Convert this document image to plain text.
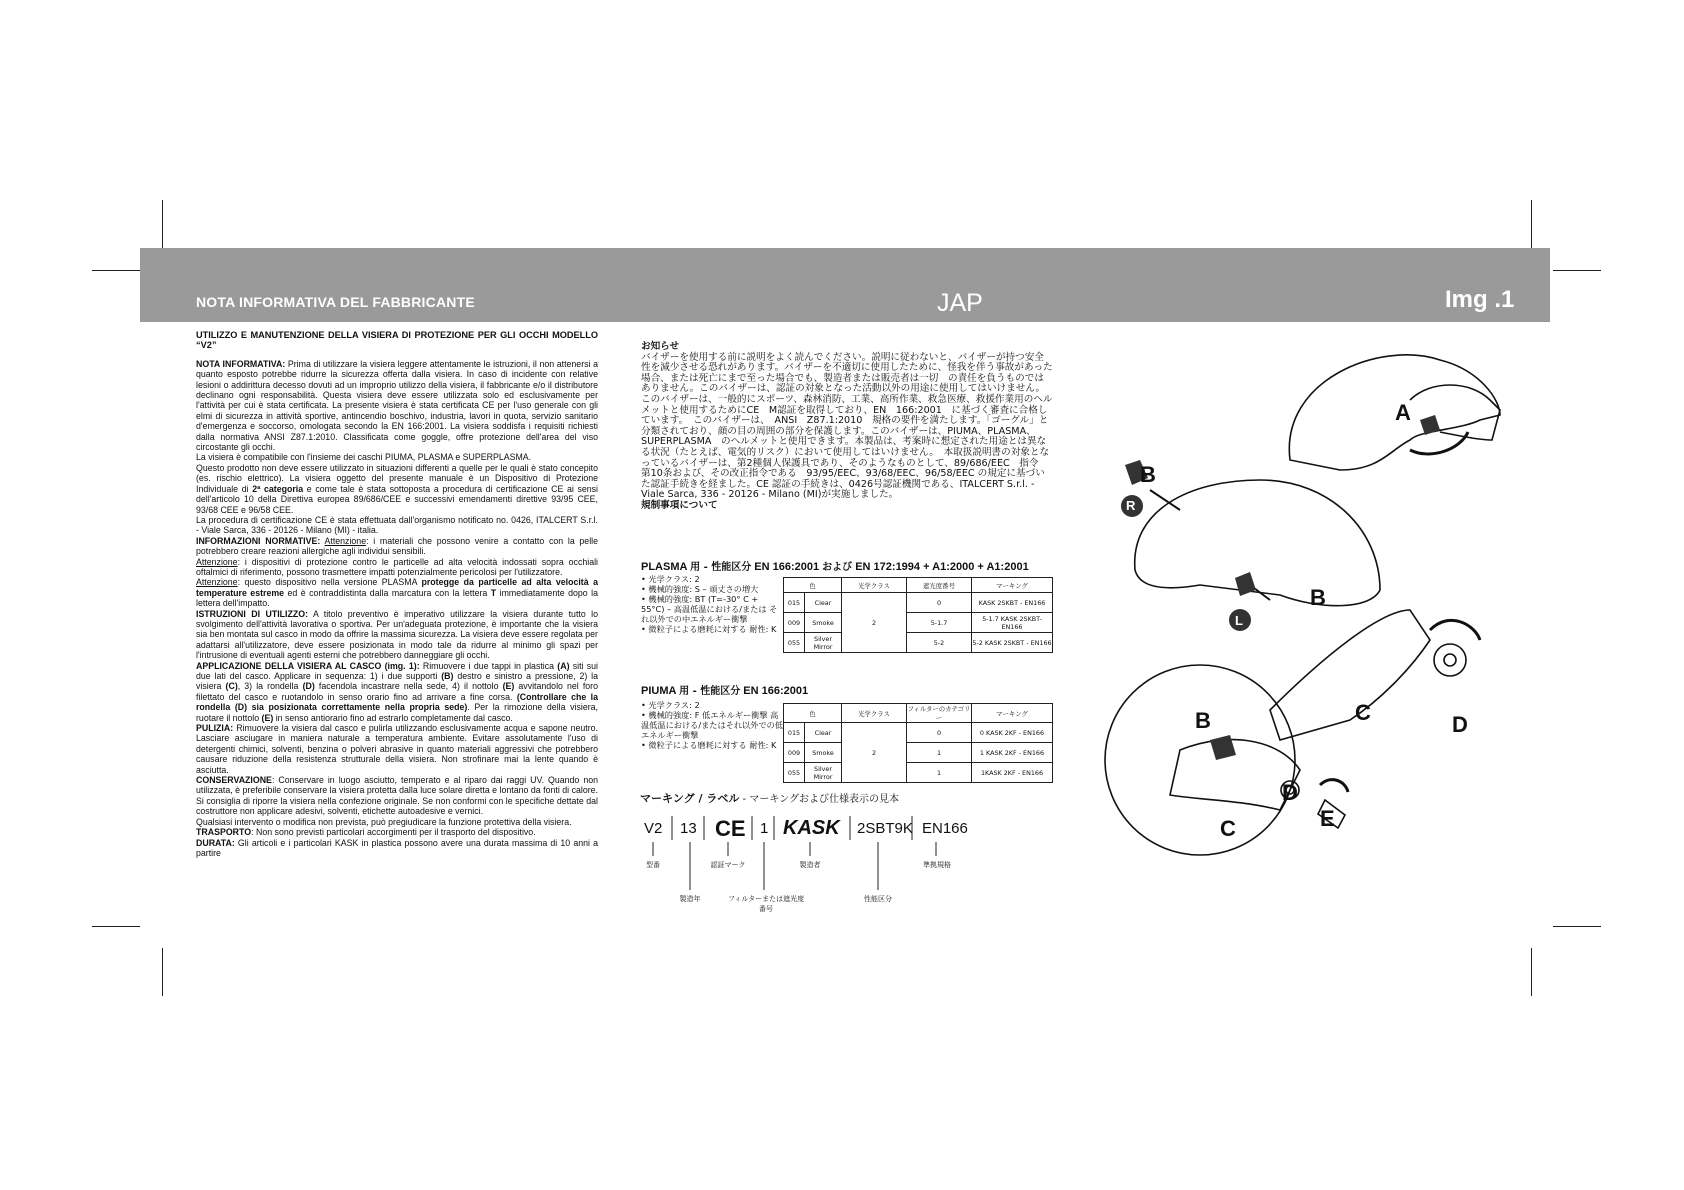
NOTA INFORMATIVA DEL FABBRICANTE	JAP	Img .1
UTILIZZO E MANUTENZIONE DELLA VISIERA DI PROTEZIONE PER GLI OCCHI MODELLO “V2”

NOTA INFORMATIVA: Prima di utilizzare la visiera leggere attentamente le istruzioni, il non attenersi a quanto esposto potrebbe ridurre la sicurezza offerta dalla visiera. In caso di incidente con relative lesioni o addirittura decesso dovuti ad un improprio utilizzo della visiera, il fabbricante e/o il distributore declinano ogni responsabilità. Questa visiera deve essere utilizzata solo ed esclusivamente per l'attività per cui è stata certificata. La presente visiera è stata certificata CE per l'uso generale con gli elmi di sicurezza in attività sportive, antincendio boschivo, industria, lavori in quota, servizio sanitario d'emergenza e soccorso, omologata secondo la EN 166:2001. La visiera soddisfa i requisiti richiesti dalla normativa ANSI Z87.1:2010. Classificata come goggle, offre protezione dell'area del viso circostante gli occhi.

La visiera è compatibile con l'insieme dei caschi PIUMA, PLASMA e SUPERPLASMA.

Questo prodotto non deve essere utilizzato in situazioni differenti a quelle per le quali è stato concepito (es. rischio elettrico). La visiera oggetto del presente manuale è un Dispositivo di Protezione Individuale di 2ª categoria e come tale è stata sottoposta a procedura di certificazione CE ai sensi dell'articolo 10 della Direttiva europea 89/686/CEE e successivi emendamenti direttive 93/95 CEE, 93/68 CEE e 96/58 CEE.

La procedura di certificazione CE è stata effettuata dall'organismo notificato no. 0426, ITALCERT S.r.l. - Viale Sarca, 336 - 20126 - Milano (MI) - italia.

INFORMAZIONI NORMATIVE: Attenzione: i materiali che possono venire a contatto con la pelle potrebbero creare reazioni allergiche agli individui sensibili.

Attenzione: i dispositivi di protezione contro le particelle ad alta velocità indossati sopra occhiali oftalmici di riferimento, possono trasmettere impatti potenzialmente pericolosi per l'utilizzatore.

Attenzione: questo dispositivo nella versione PLASMA protegge da particelle ad alta velocità a temperature estreme ed è contraddistinta dalla marcatura con la lettera T immediatamente dopo la lettera dell'impatto.

ISTRUZIONI DI UTILIZZO: A titolo preventivo è imperativo utilizzare la visiera durante tutto lo svolgimento dell'attività lavorativa o sportiva. Per un'adeguata protezione, è importante che la visiera sia ben montata sul casco in modo da offrire la massima sicurezza. La visiera deve essere regolata per adattarsi all'utilizzatore, deve essere posizionata in modo tale da ridurre al minimo gli spazi per l'intrusione di eventuali agenti esterni che potrebbero danneggiare gli occhi.

APPLICAZIONE DELLA VISIERA AL CASCO (img. 1): Rimuovere i due tappi in plastica (A) siti sui due lati del casco. Applicare in sequenza: 1) i due supporti (B) destro e sinistro a pressione, 2) la visiera (C), 3) la rondella (D) facendola incastrare nella sede, 4) il nottolo (E) avvitandolo nel foro filettato del casco e ruotandolo in senso orario fino ad arrivare a fine corsa. (Controllare che la rondella (D) sia posizionata correttamente nella propria sede). Per la rimozione della visiera, ruotare il nottolo (E) in senso antiorario fino ad estrarlo completamente dal casco.

PULIZIA: Rimuovere la visiera dal casco e pulirla utilizzando esclusivamente acqua e sapone neutro. Lasciare asciugare in maniera naturale a temperatura ambiente. Evitare assolutamente l'uso di detergenti chimici, solventi, benzina o polveri abrasive in quanto materiali aggressivi che potrebbero causare riduzione della resistenza strutturale della visiera. Non strofinare mai la lente quando è asciutta.

CONSERVAZIONE: Conservare in luogo asciutto, temperato e al riparo dai raggi UV. Quando non utilizzata, è preferibile conservare la visiera protetta dalla luce solare diretta e lontano da fonti di calore. Si consiglia di riporre la visiera nella confezione originale. Se non conformi con le specifiche dettate dal costruttore non applicare adesivi, solventi, etichette autoadesive e vernici.

Qualsiasi intervento o modifica non prevista, può pregiudicare la funzione protettiva della visiera.

TRASPORTO: Non sono previsti particolari accorgimenti per il trasporto del dispositivo.

DURATA: Gli articoli e i particolari KASK in plastica possono avere una durata massima di 10 anni a partire

お知らせ

バイザーを使用する前に説明をよく読んでください。説明に従わないと、バイザーが持つ安全性を減少させる恐れがあります。バイザーを不適切に使用したために、怪我を伴う事故があった場合、または死亡にまで至った場合でも、製造者または販売者は一切　の責任を負うものではありません。このバイザーは、認証の対象となった活動以外の用途に使用してはいけません。このバイザーは、一般的にスポーツ、森林消防、工業、高所作業、救急医療、救援作業用のヘルメットと使用するためにCE　M認証を取得しており、EN　166:2001　に基づく審査に合格しています。　このバイザーは、　ANSI　Z87.1:2010　規格の要件を満たします。「ゴーグル」と分類されており、顔の目の周囲の部分を保護します。このバイザーは、PIUMA、PLASMA、SUPERPLASMA　のヘルメットと使用できます。本製品は、考案時に想定された用途とは異なる状況（たとえば、電気的リスク）において使用してはいけません。　本取扱説明書の対象となっているバイザーは、第2種個人保護具であり、そのようなものとして、89/686/EEC　指令　第10条および、その改正指令である　93/95/EEC、93/68/EEC、96/58/EEC の規定に基づいた認証手続きを経ました。CE 認証の手続きは、0426号認証機関である、ITALCERT S.r.l. - Viale Sarca, 336 - 20126 - Milano (MI)が実施しました。

規制事項について

PLASMA 用 - 性能区分 EN 166:2001 および EN 172:1994 + A1:2000 + A1:2001

• 光学クラス: 2

• 機械的強度: S – 頑丈さの増大

• 機械的強度: BT (T=-30° C + 55°C) – 高温低温における/または それ以外での中エネルギー衝撃

• 微粒子による磨耗に対する 耐性: K

色		光学クラス	遮光度番号	マーキング
015	Clear	2	0	KASK 2SKBT - EN166
009	Smoke		5-1.7	5-1.7 KASK 2SKBT- EN166
055	Silver Mirror		5-2	5-2 KASK 2SKBT - EN166
PIUMA 用 - 性能区分 EN 166:2001

• 光学クラス: 2

• 機械的強度: F 低エネルギー衝撃 高温低温における/またはそれ以外での低エネルギー衝撃

• 微粒子による磨耗に対する 耐性: K

色		光学クラス	フィルターのカテゴリー	マーキング
015	Clear	2	0	0 KASK 2KF - EN166
009	Smoke		1	1 KASK 2KF - EN166
055	Silver Mirror		1	1KASK 2KF - EN166
マーキング / ラベル - マーキングおよび仕様表示の見本
V2 13 CE 1 KASK 2SBT9K EN166
型番	認証マーク	製造者	準拠規格
製造年	フィルターまたは遮光度番号
性能区分
R
L
A
B
B
B	C	D
C
D
E
